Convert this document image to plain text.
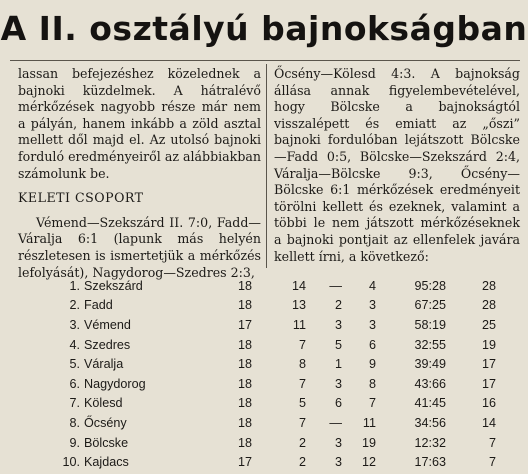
A II. osztályú bajnokságban

lassan befejezéshez közelednek a bajnoki küzdelmek. A hátralévő mérkőzések nagyobb része már nem a pályán, hanem inkább a zöld asztal mellett dől majd el. Az utolsó bajnoki forduló eredményeiről az alábbiakban számolunk be.

KELETI CSOPORT

Vémend—Szekszárd II. 7:0, Fadd—Váralja 6:1 (lapunk más helyén részletesen is ismertetjük a mérkőzés lefolyását), Nagydorog—Szedres 2:3,

Őcsény—Kölesd 4:3. A bajnokság állása annak figyelembevételével, hogy Bölcske a bajnokságtól visszalépett és emiatt az „őszi” bajnoki fordulóban lejátszott Bölcske—Fadd 0:5, Bölcske—Szekszárd 2:4, Váralja—Bölcske 9:3, Őcsény—Bölcske 6:1 mérkőzések eredményeit törölni kellett és ezeknek, valamint a többi le nem játszott mérkőzéseknek a bajnoki pontjait az ellenfelek javára kellett írni, a következő:

1.	Szekszárd	18	14	—	4	95:28	28	
2.	Fadd	18	13	2	3	67:25	28	
3.	Vémend	17	11	3	3	58:19	25	
4.	Szedres	18	7	5	6	32:55	19	
5.	Váralja	18	8	1	9	39:49	17	
6.	Nagydorog	18	7	3	8	43:66	17	
7.	Kölesd	18	5	6	7	41:45	16	
8.	Őcsény	18	7	—	11	34:56	14	
9.	Bölcske	18	2	3	19	12:32	7	
10.	Kajdacs	17	2	3	12	17:63	7	
